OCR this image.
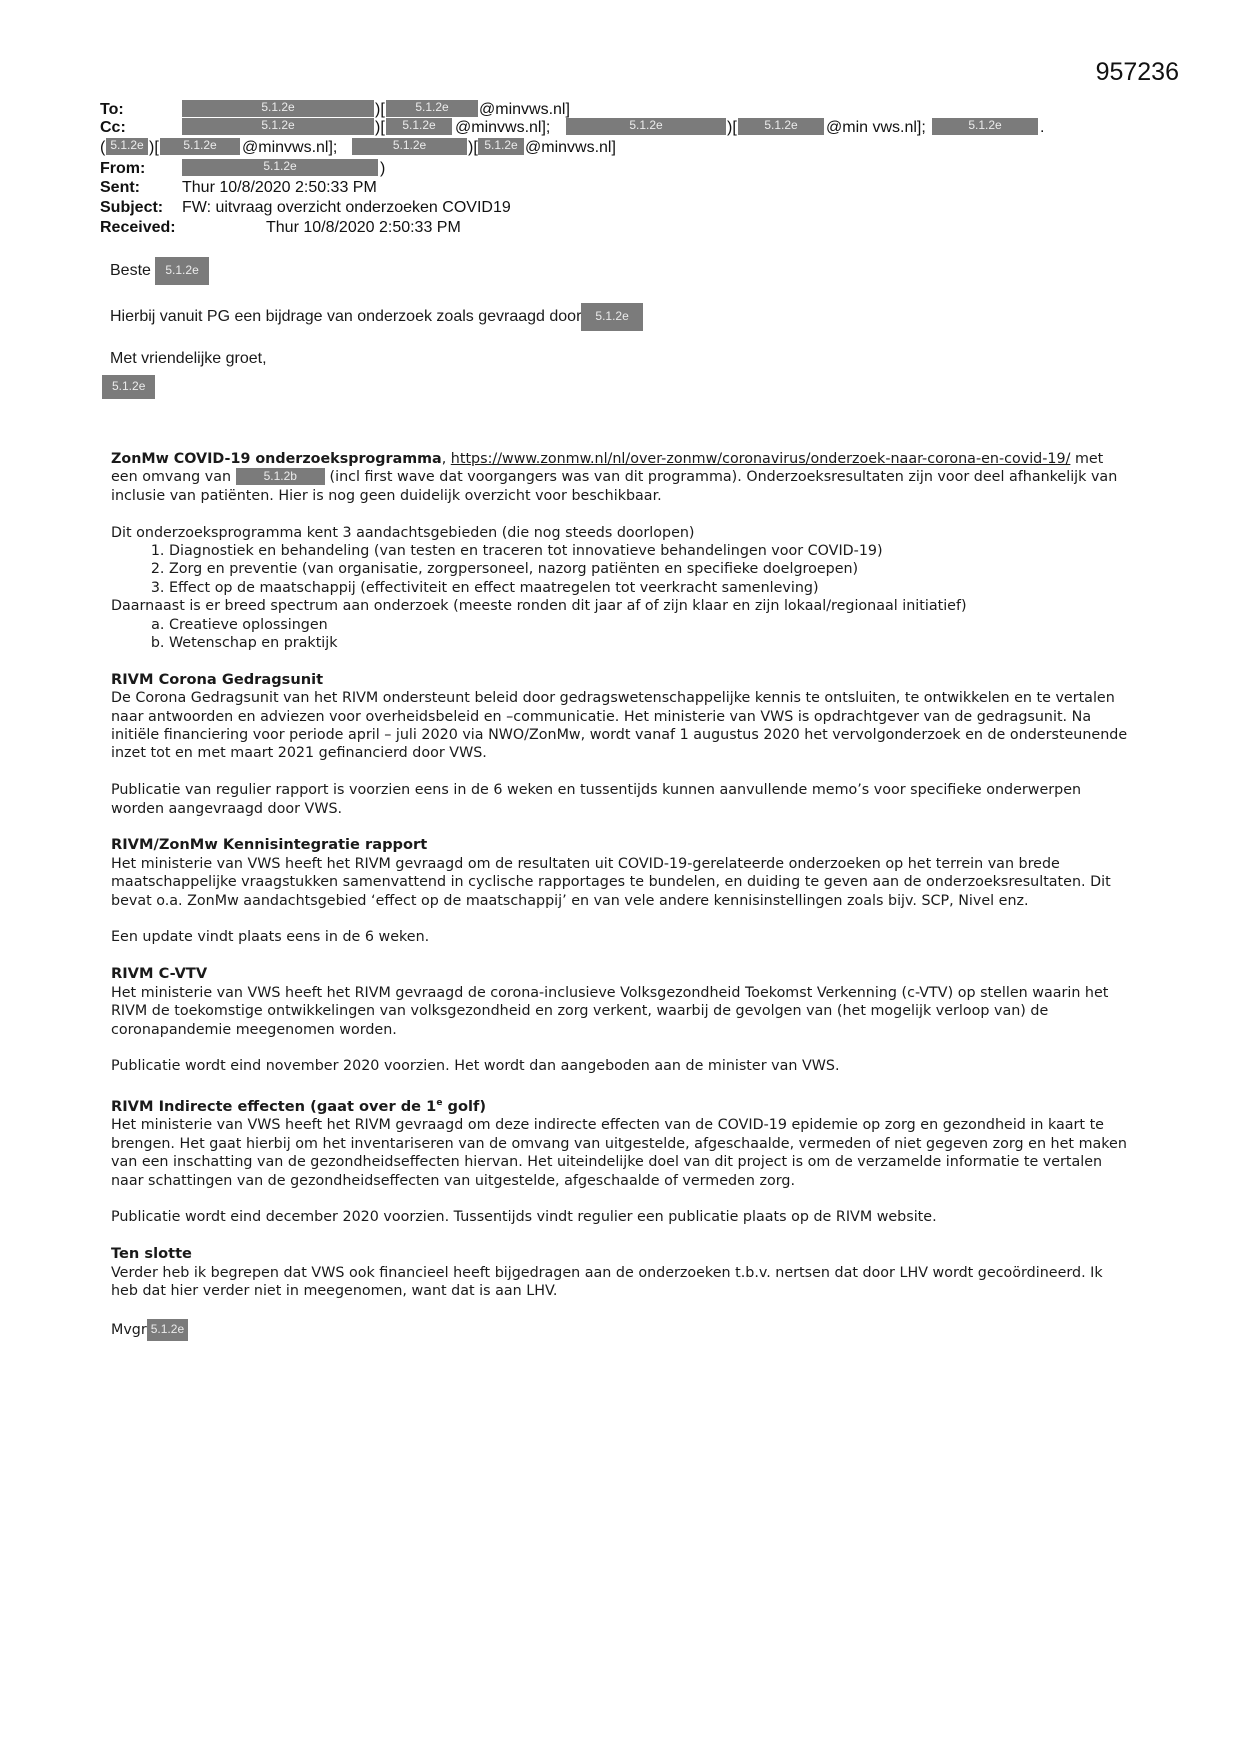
957236
To:	5.1.2e	)[	5.1.2e	@minvws.nl]
Cc:	5.1.2e	)[	5.1.2e	@minvws.nl];	5.1.2e	)[	5.1.2e	@min vws.nl];	5.1.2e	.
( 5.1.2e )[	5.1.2e	@minvws.nl];	5.1.2e	)[ 5.1.2e @minvws.nl]
From:	5.1.2e	)
Sent:	Thur 10/8/2020 2:50:33 PM
Subject: FW: uitvraag overzicht onderzoeken COVID19
Received:	Thur 10/8/2020 2:50:33 PM
Beste 5.1.2e
Hierbij vanuit PG een bijdrage van onderzoek zoals gevraagd door 5.1.2e
Met vriendelijke groet,
5.1.2e

ZonMw COVID-19 onderzoeksprogramma, https://www.zonmw.nl/nl/over-zonmw/coronavirus/onderzoek-naar-corona-en-covid-19/ met een omvang van 5.1.2b (incl first wave dat voorgangers was van dit programma). Onderzoeksresultaten zijn voor deel afhankelijk van inclusie van patiënten. Hier is nog geen duidelijk overzicht voor beschikbaar.

Dit onderzoeksprogramma kent 3 aandachtsgebieden (die nog steeds doorlopen)
1. Diagnostiek en behandeling (van testen en traceren tot innovatieve behandelingen voor COVID-19)
2. Zorg en preventie (van organisatie, zorgpersoneel, nazorg patiënten en specifieke doelgroepen)
3. Effect op de maatschappij (effectiviteit en effect maatregelen tot veerkracht samenleving)
Daarnaast is er breed spectrum aan onderzoek (meeste ronden dit jaar af of zijn klaar en zijn lokaal/regionaal initiatief)
a. Creatieve oplossingen
b. Wetenschap en praktijk
RIVM Corona Gedragsunit

De Corona Gedragsunit van het RIVM ondersteunt beleid door gedragswetenschappelijke kennis te ontsluiten, te ontwikkelen en te vertalen naar antwoorden en adviezen voor overheidsbeleid en –communicatie. Het ministerie van VWS is opdrachtgever van de gedragsunit. Na initiële financiering voor periode april – juli 2020 via NWO/ZonMw, wordt vanaf 1 augustus 2020 het vervolgonderzoek en de ondersteunende inzet tot en met maart 2021 gefinancierd door VWS.

Publicatie van regulier rapport is voorzien eens in de 6 weken en tussentijds kunnen aanvullende memo’s voor specifieke onderwerpen worden aangevraagd door VWS.

RIVM/ZonMw Kennisintegratie rapport

Het ministerie van VWS heeft het RIVM gevraagd om de resultaten uit COVID-19-gerelateerde onderzoeken op het terrein van brede maatschappelijke vraagstukken samenvattend in cyclische rapportages te bundelen, en duiding te geven aan de onderzoeksresultaten. Dit bevat o.a. ZonMw aandachtsgebied ‘effect op de maatschappij’ en van vele andere kennisinstellingen zoals bijv. SCP, Nivel enz.

Een update vindt plaats eens in de 6 weken.

RIVM C-VTV

Het ministerie van VWS heeft het RIVM gevraagd de corona-inclusieve Volksgezondheid Toekomst Verkenning (c-VTV) op stellen waarin het RIVM de toekomstige ontwikkelingen van volksgezondheid en zorg verkent, waarbij de gevolgen van (het mogelijk verloop van) de coronapandemie meegenomen worden.

Publicatie wordt eind november 2020 voorzien. Het wordt dan aangeboden aan de minister van VWS.

RIVM Indirecte effecten (gaat over de 1e golf)

Het ministerie van VWS heeft het RIVM gevraagd om deze indirecte effecten van de COVID-19 epidemie op zorg en gezondheid in kaart te brengen. Het gaat hierbij om het inventariseren van de omvang van uitgestelde, afgeschaalde, vermeden of niet gegeven zorg en het maken van een inschatting van de gezondheidseffecten hiervan. Het uiteindelijke doel van dit project is om de verzamelde informatie te vertalen naar schattingen van de gezondheidseffecten van uitgestelde, afgeschaalde of vermeden zorg.

Publicatie wordt eind december 2020 voorzien. Tussentijds vindt regulier een publicatie plaats op de RIVM website.

Ten slotte

Verder heb ik begrepen dat VWS ook financieel heeft bijgedragen aan de onderzoeken t.b.v. nertsen dat door LHV wordt gecoördineerd. Ik heb dat hier verder niet in meegenomen, want dat is aan LHV.

Mvgr 5.1.2e
